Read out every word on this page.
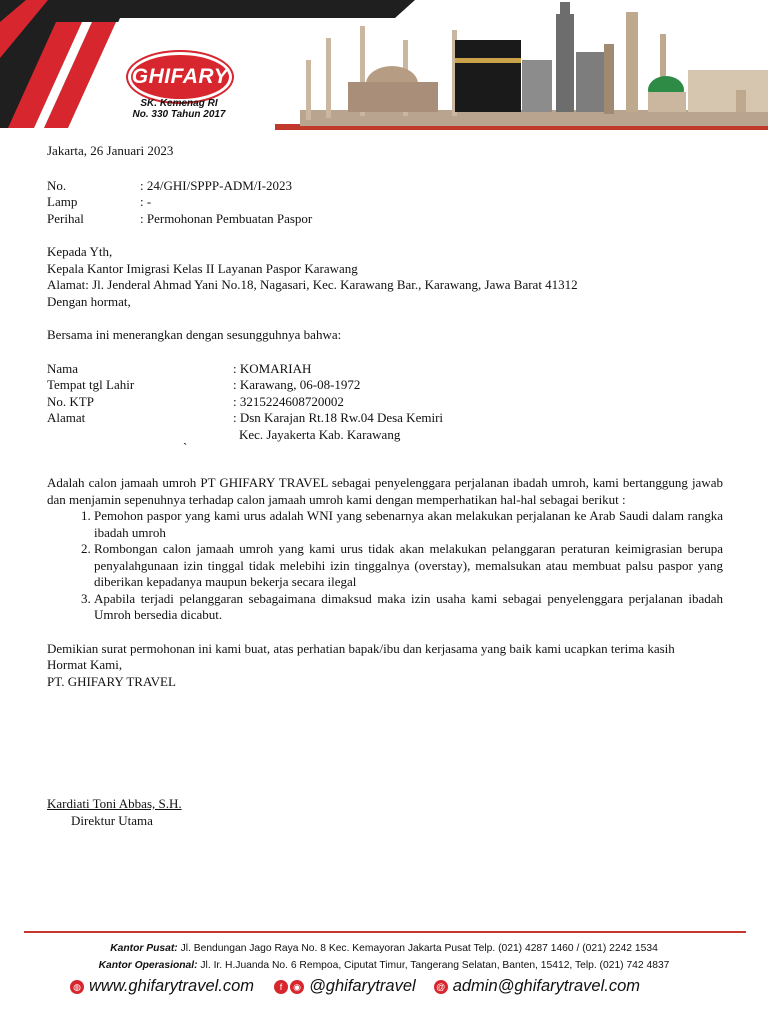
GHIFARY
SK. Kemenag RI
No. 330 Tahun 2017
Jakarta, 26 Januari 2023
No.	: 24/GHI/SPPP-ADM/I-2023
Lamp	: -
Perihal	: Permohonan Pembuatan Paspor
Kepada Yth,
Kepala Kantor Imigrasi Kelas II Layanan Paspor Karawang
Alamat: Jl. Jenderal Ahmad Yani No.18, Nagasari, Kec. Karawang Bar., Karawang, Jawa Barat 41312
Dengan hormat,
Bersama ini menerangkan dengan sesungguhnya bahwa:
Nama	: KOMARIAH
Tempat tgl Lahir	: Karawang, 06-08-1972
No. KTP	: 3215224608720002
Alamat	: Dsn Karajan Rt.18 Rw.04 Desa Kemiri
Kec. Jayakerta Kab. Karawang
`
Adalah calon jamaah umroh PT GHIFARY TRAVEL sebagai penyelenggara perjalanan ibadah umroh, kami bertanggung jawab dan menjamin sepenuhnya terhadap calon jamaah umroh kami dengan memperhatikan hal-hal sebagai berikut :
1. Pemohon paspor yang kami urus adalah WNI yang sebenarnya akan melakukan perjalanan ke Arab Saudi dalam rangka ibadah umroh
2. Rombongan calon jamaah umroh yang kami urus tidak akan melakukan pelanggaran peraturan keimigrasian berupa penyalahgunaan izin tinggal tidak melebihi izin tinggalnya (overstay), memalsukan atau membuat palsu paspor yang diberikan kepadanya maupun bekerja secara ilegal
3. Apabila terjadi pelanggaran sebagaimana dimaksud maka izin usaha kami sebagai penyelenggara perjalanan ibadah Umroh bersedia dicabut.
Demikian surat permohonan ini kami buat, atas perhatian bapak/ibu dan kerjasama yang baik kami ucapkan terima kasih
Hormat Kami,
PT. GHIFARY TRAVEL
Kardiati Toni Abbas, S.H.
Direktur Utama
Kantor Pusat: Jl. Bendungan Jago Raya No. 8 Kec. Kemayoran Jakarta Pusat Telp. (021) 4287 1460 / (021) 2242 1534
Kantor Operasional: Jl. Ir. H.Juanda No. 6 Rempoa, Ciputat Timur, Tangerang Selatan, Banten, 15412, Telp. (021) 742 4837
◍ www.ghifarytravel.com	f	◉ @ghifarytravel @ admin@ghifarytravel.com
